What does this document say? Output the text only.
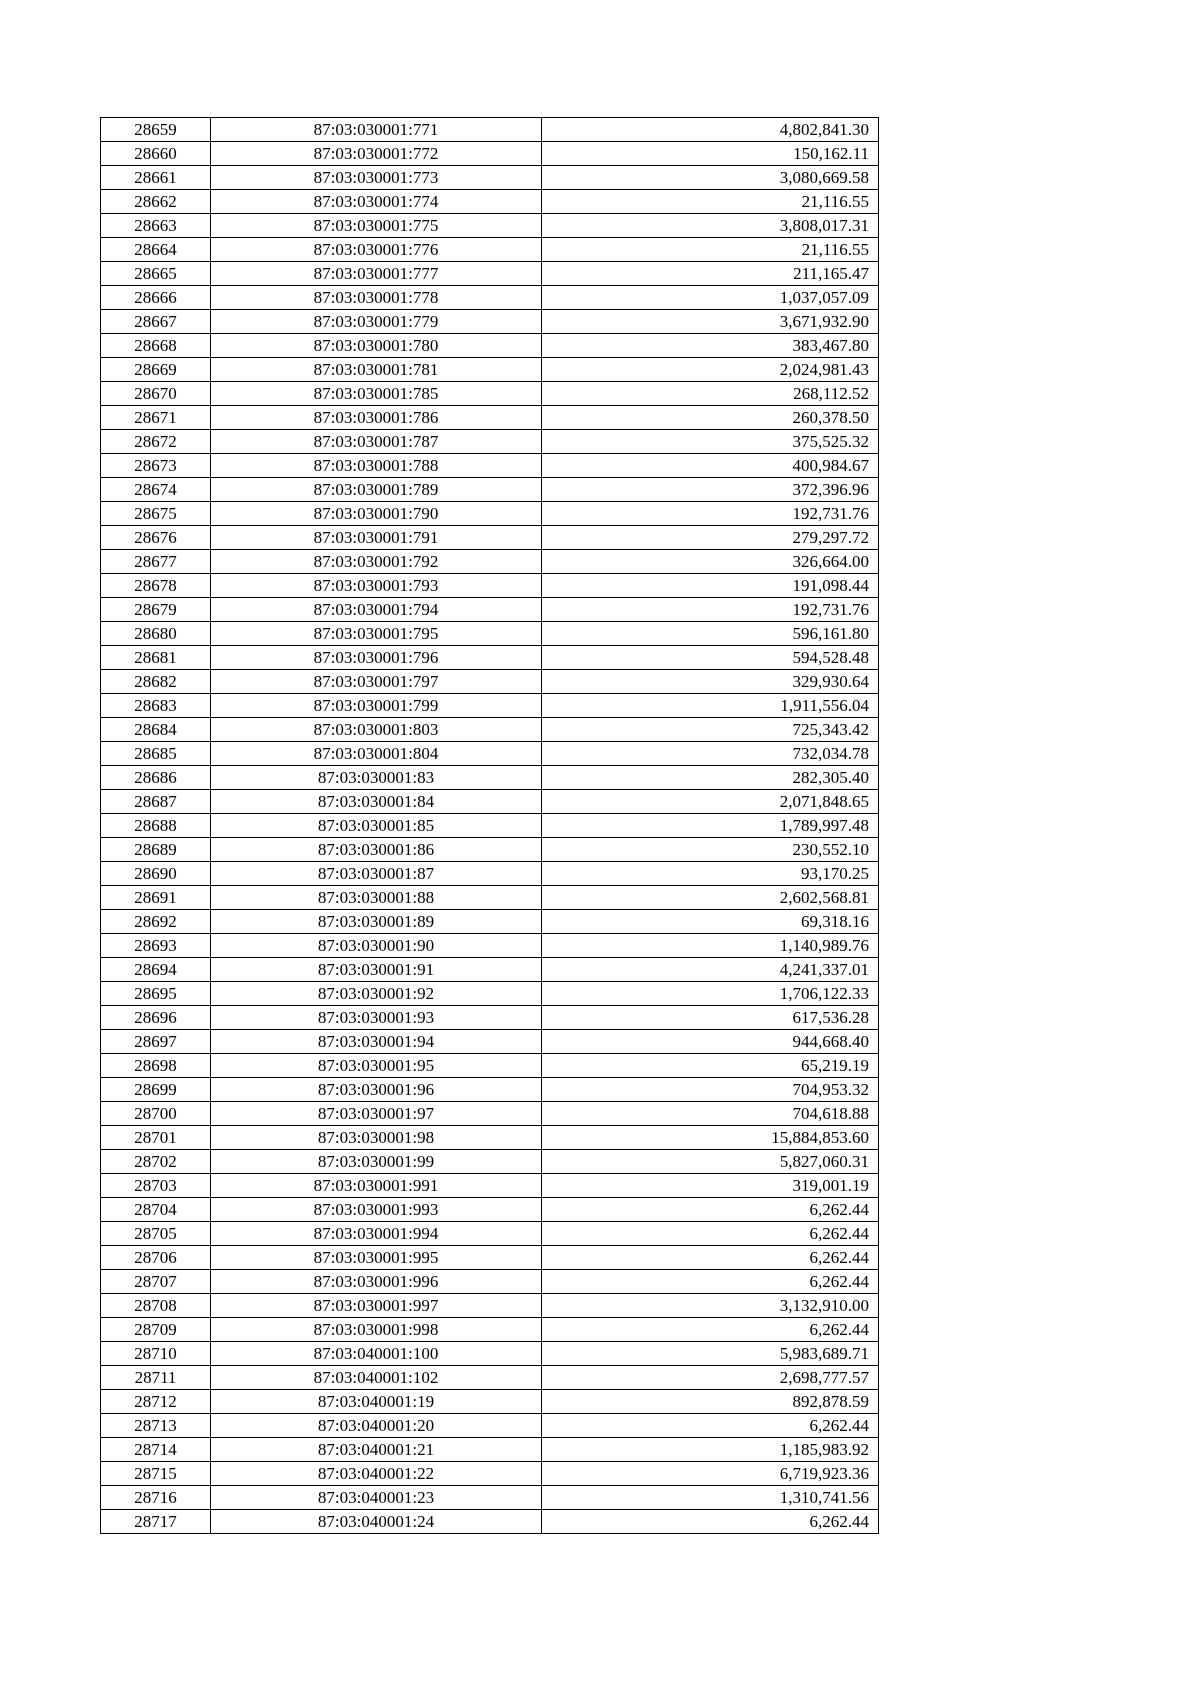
28659	87:03:030001:771	4,802,841.30
28660	87:03:030001:772	150,162.11
28661	87:03:030001:773	3,080,669.58
28662	87:03:030001:774	21,116.55
28663	87:03:030001:775	3,808,017.31
28664	87:03:030001:776	21,116.55
28665	87:03:030001:777	211,165.47
28666	87:03:030001:778	1,037,057.09
28667	87:03:030001:779	3,671,932.90
28668	87:03:030001:780	383,467.80
28669	87:03:030001:781	2,024,981.43
28670	87:03:030001:785	268,112.52
28671	87:03:030001:786	260,378.50
28672	87:03:030001:787	375,525.32
28673	87:03:030001:788	400,984.67
28674	87:03:030001:789	372,396.96
28675	87:03:030001:790	192,731.76
28676	87:03:030001:791	279,297.72
28677	87:03:030001:792	326,664.00
28678	87:03:030001:793	191,098.44
28679	87:03:030001:794	192,731.76
28680	87:03:030001:795	596,161.80
28681	87:03:030001:796	594,528.48
28682	87:03:030001:797	329,930.64
28683	87:03:030001:799	1,911,556.04
28684	87:03:030001:803	725,343.42
28685	87:03:030001:804	732,034.78
28686	87:03:030001:83	282,305.40
28687	87:03:030001:84	2,071,848.65
28688	87:03:030001:85	1,789,997.48
28689	87:03:030001:86	230,552.10
28690	87:03:030001:87	93,170.25
28691	87:03:030001:88	2,602,568.81
28692	87:03:030001:89	69,318.16
28693	87:03:030001:90	1,140,989.76
28694	87:03:030001:91	4,241,337.01
28695	87:03:030001:92	1,706,122.33
28696	87:03:030001:93	617,536.28
28697	87:03:030001:94	944,668.40
28698	87:03:030001:95	65,219.19
28699	87:03:030001:96	704,953.32
28700	87:03:030001:97	704,618.88
28701	87:03:030001:98	15,884,853.60
28702	87:03:030001:99	5,827,060.31
28703	87:03:030001:991	319,001.19
28704	87:03:030001:993	6,262.44
28705	87:03:030001:994	6,262.44
28706	87:03:030001:995	6,262.44
28707	87:03:030001:996	6,262.44
28708	87:03:030001:997	3,132,910.00
28709	87:03:030001:998	6,262.44
28710	87:03:040001:100	5,983,689.71
28711	87:03:040001:102	2,698,777.57
28712	87:03:040001:19	892,878.59
28713	87:03:040001:20	6,262.44
28714	87:03:040001:21	1,185,983.92
28715	87:03:040001:22	6,719,923.36
28716	87:03:040001:23	1,310,741.56
28717	87:03:040001:24	6,262.44
